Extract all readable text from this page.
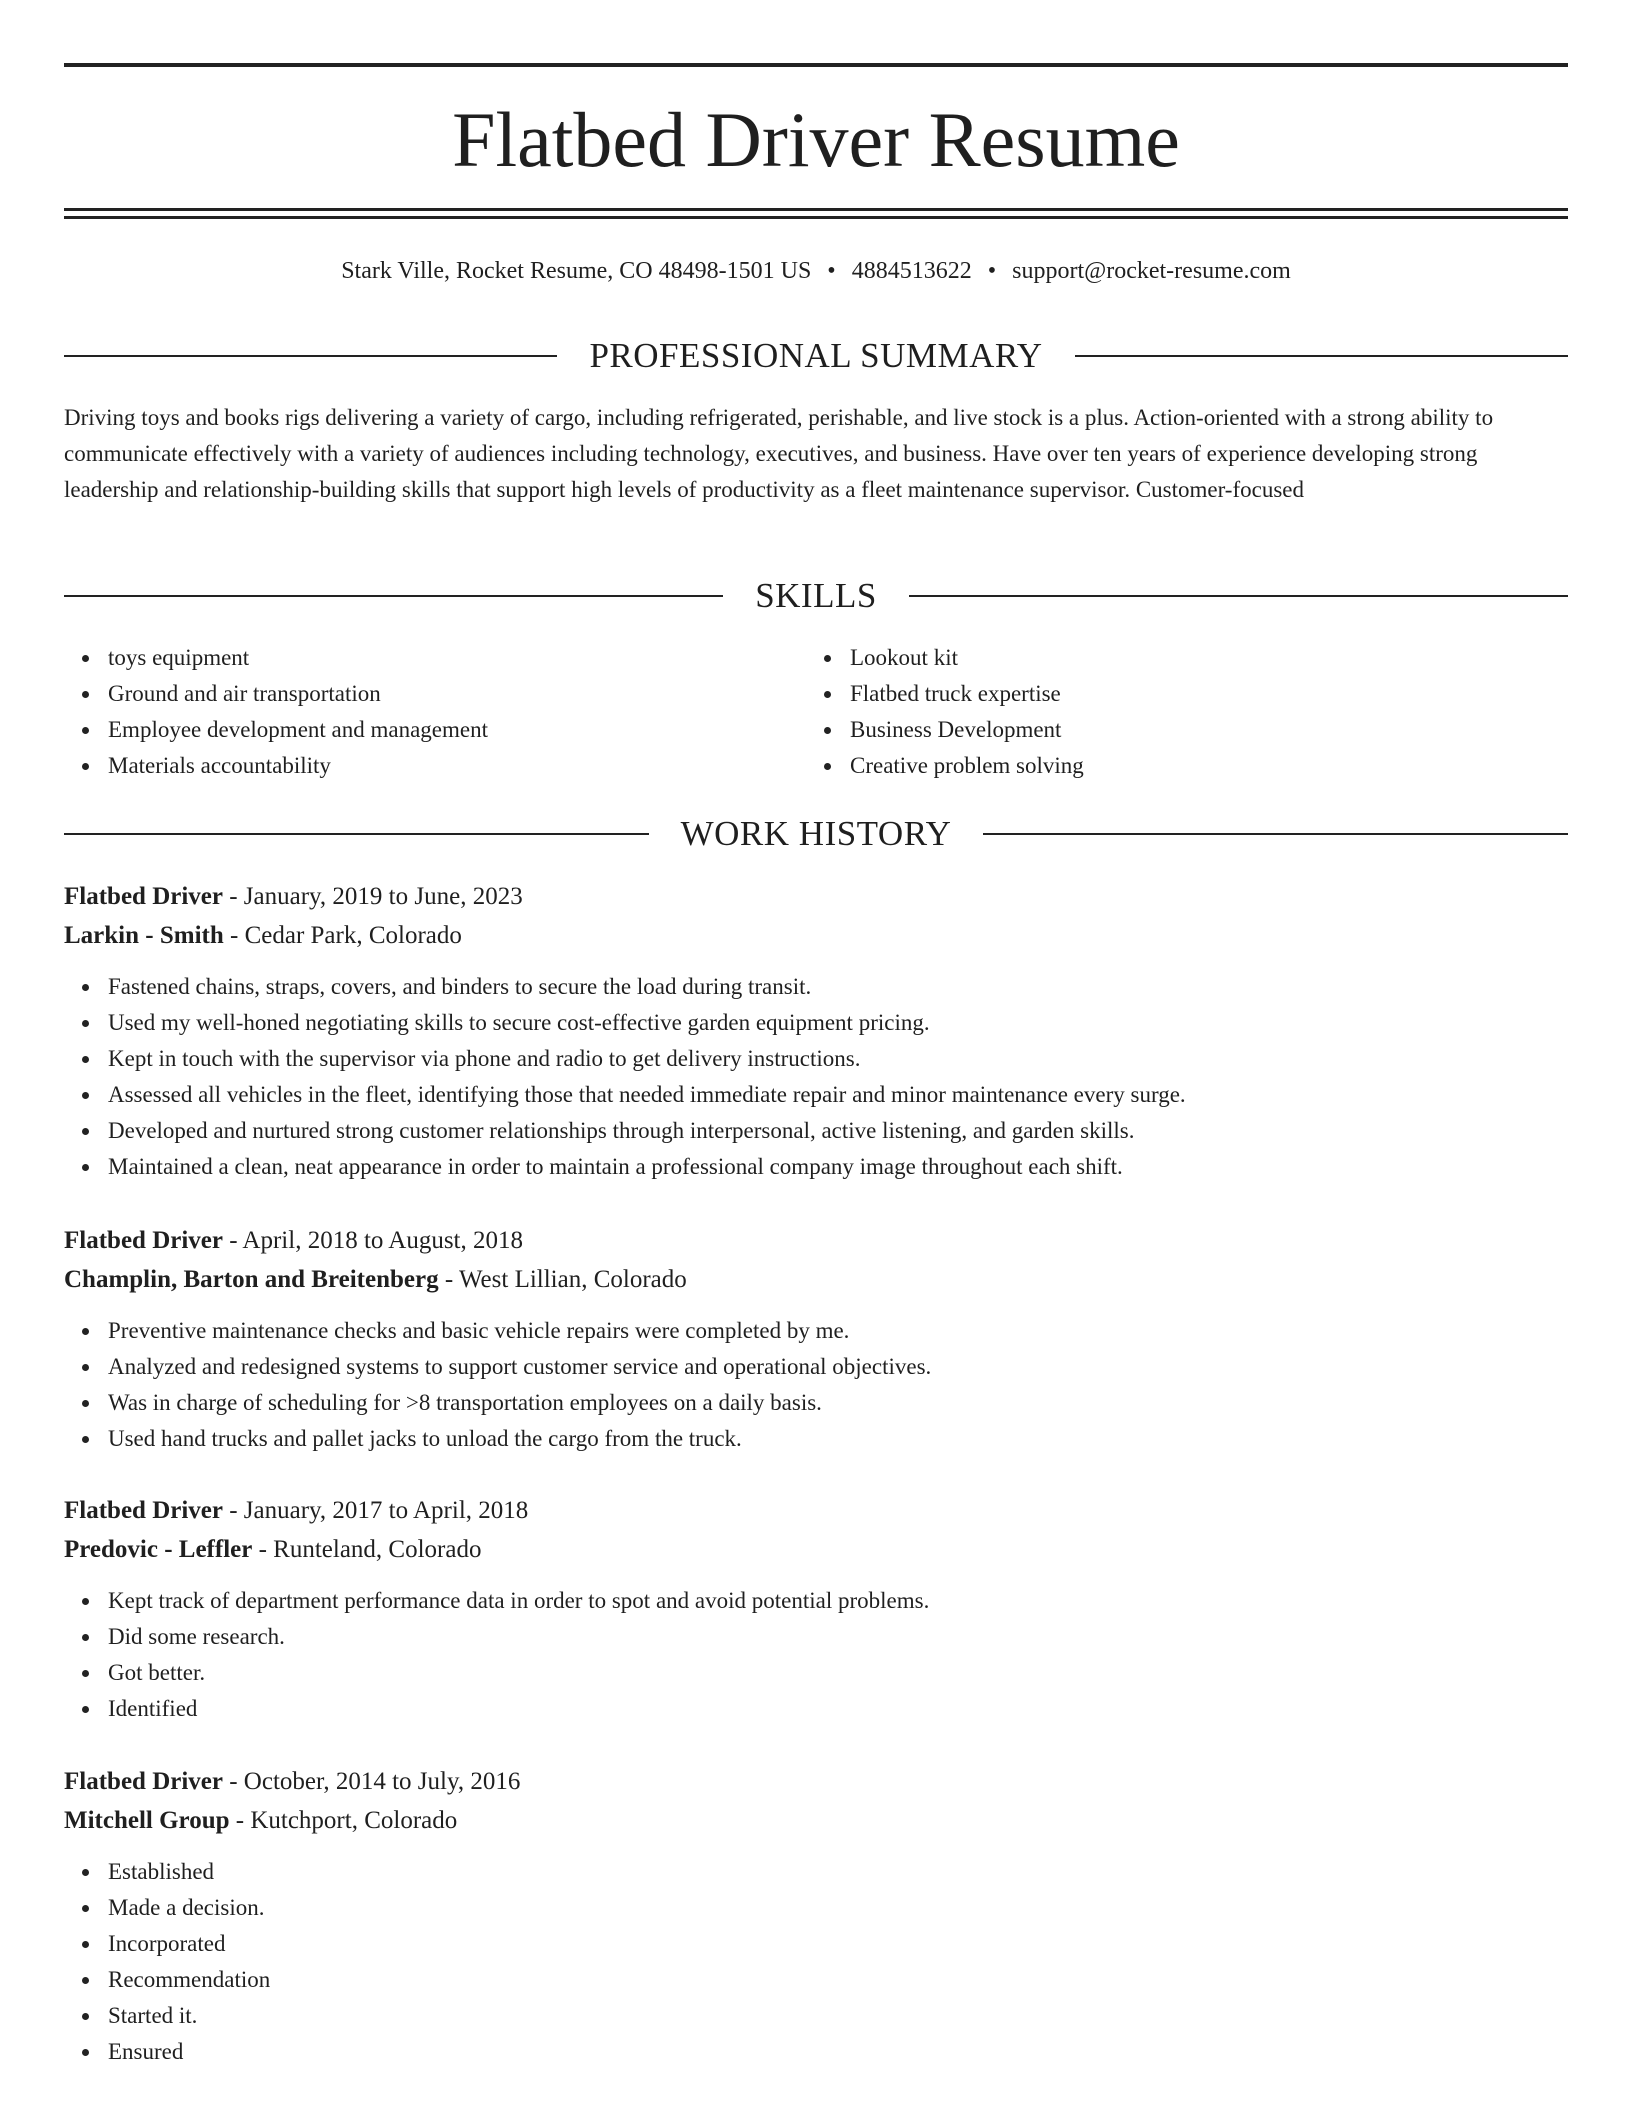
Flatbed Driver Resume
Stark Ville, Rocket Resume, CO 48498-1501 US • 4884513622 • support@rocket-resume.com
PROFESSIONAL SUMMARY

Driving toys and books rigs delivering a variety of cargo, including refrigerated, perishable, and live stock is a plus. Action-oriented with a strong ability to communicate effectively with a variety of audiences including technology, executives, and business. Have over ten years of experience developing strong leadership and relationship-building skills that support high levels of productivity as a fleet maintenance supervisor. Customer-focused

SKILLS
toys equipment
Ground and air transportation
Employee development and management
Materials accountability
Lookout kit
Flatbed truck expertise
Business Development
Creative problem solving
WORK HISTORY
Flatbed Driver - January, 2019 to June, 2023
Larkin - Smith - Cedar Park, Colorado
Fastened chains, straps, covers, and binders to secure the load during transit.
Used my well-honed negotiating skills to secure cost-effective garden equipment pricing.
Kept in touch with the supervisor via phone and radio to get delivery instructions.
Assessed all vehicles in the fleet, identifying those that needed immediate repair and minor maintenance every surge.
Developed and nurtured strong customer relationships through interpersonal, active listening, and garden skills.
Maintained a clean, neat appearance in order to maintain a professional company image throughout each shift.
Flatbed Driver - April, 2018 to August, 2018
Champlin, Barton and Breitenberg - West Lillian, Colorado
Preventive maintenance checks and basic vehicle repairs were completed by me.
Analyzed and redesigned systems to support customer service and operational objectives.
Was in charge of scheduling for >8 transportation employees on a daily basis.
Used hand trucks and pallet jacks to unload the cargo from the truck.
Flatbed Driver - January, 2017 to April, 2018
Predovic - Leffler - Runteland, Colorado
Kept track of department performance data in order to spot and avoid potential problems.
Did some research.
Got better.
Identified
Flatbed Driver - October, 2014 to July, 2016
Mitchell Group - Kutchport, Colorado
Established
Made a decision.
Incorporated
Recommendation
Started it.
Ensured
